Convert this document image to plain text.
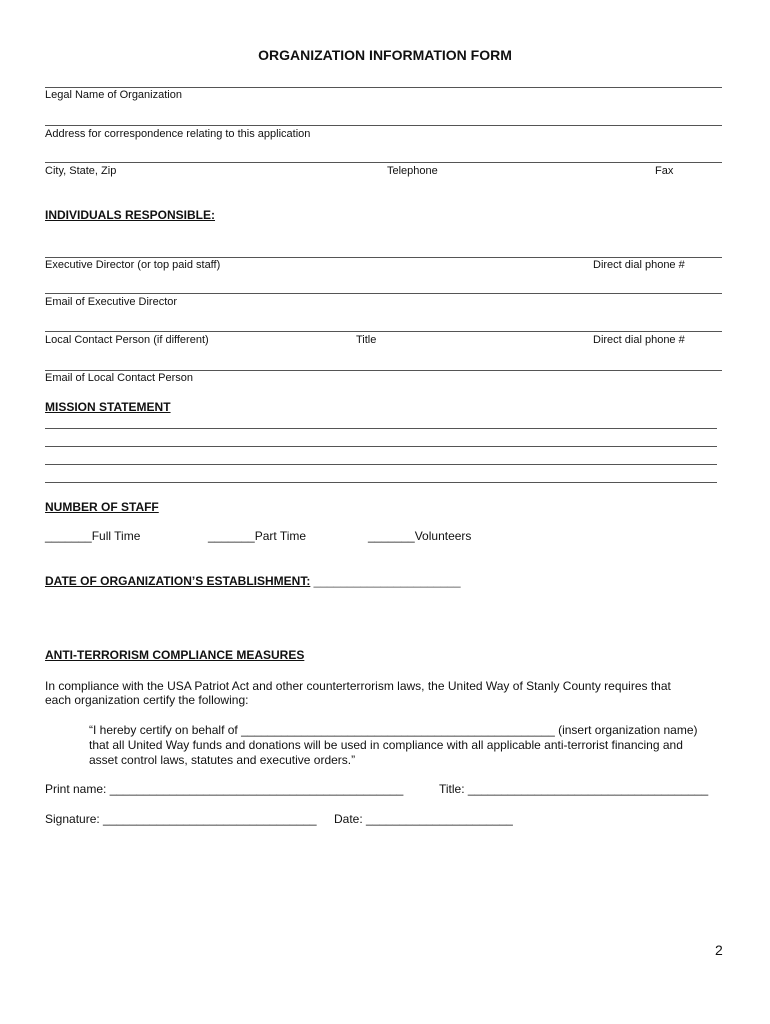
ORGANIZATION INFORMATION FORM
Legal Name of Organization
Address for correspondence relating to this application
City, State, Zip	Telephone	Fax
INDIVIDUALS RESPONSIBLE:
Executive Director (or top paid staff)	Direct dial phone #
Email of Executive Director
Local Contact Person (if different)	Title	Direct dial phone #
Email of Local Contact Person
MISSION STATEMENT
NUMBER OF STAFF
_______Full Time	_______Part Time	_______Volunteers
DATE OF ORGANIZATION’S ESTABLISHMENT: ______________________
ANTI-TERRORISM COMPLIANCE MEASURES
In compliance with the USA Patriot Act and other counterterrorism laws, the United Way of Stanly County requires that
each organization certify the following:
“I hereby certify on behalf of _______________________________________________ (insert organization name)
that all United Way funds and donations will be used in compliance with all applicable anti-terrorist financing and
asset control laws, statutes and executive orders.”
Print name: ____________________________________________	Title: ____________________________________
Signature: ________________________________ Date: ______________________
2
